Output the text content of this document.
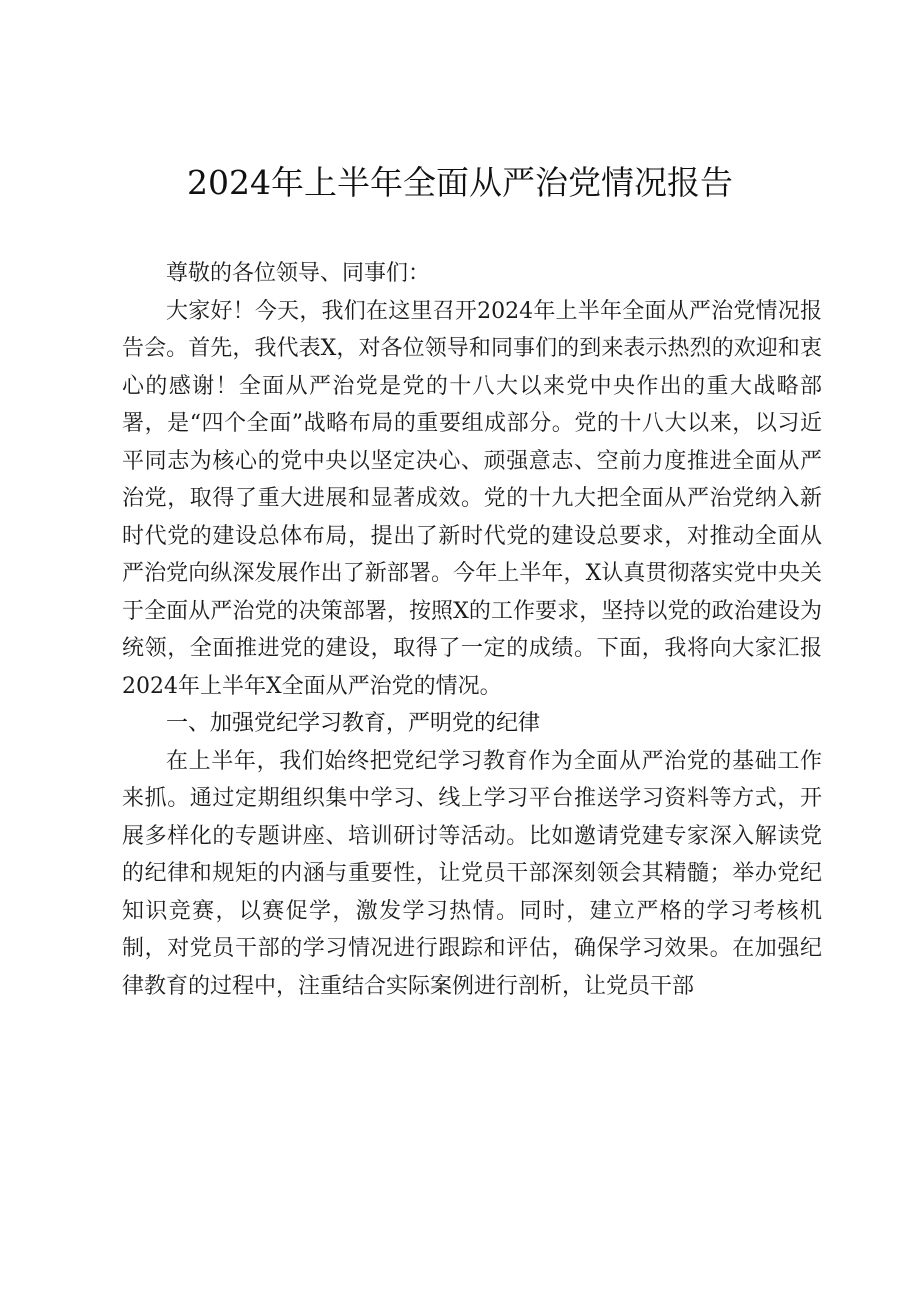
2024年上半年全面从严治党情况报告

尊敬的各位领导、同事们：

大家好！今天，我们在这里召开2024年上半年全面从严治党情况报告会。首先，我代表X，对各位领导和同事们的到来表示热烈的欢迎和衷心的感谢！全面从严治党是党的十八大以来党中央作出的重大战略部署，是“四个全面”战略布局的重要组成部分。党的十八大以来，以习近平同志为核心的党中央以坚定决心、顽强意志、空前力度推进全面从严治党，取得了重大进展和显著成效。党的十九大把全面从严治党纳入新时代党的建设总体布局，提出了新时代党的建设总要求，对推动全面从严治党向纵深发展作出了新部署。今年上半年，X认真贯彻落实党中央关于全面从严治党的决策部署，按照X的工作要求，坚持以党的政治建设为统领，全面推进党的建设，取得了一定的成绩。下面，我将向大家汇报2024年上半年X全面从严治党的情况。

一、加强党纪学习教育，严明党的纪律

在上半年，我们始终把党纪学习教育作为全面从严治党的基础工作来抓。通过定期组织集中学习、线上学习平台推送学习资料等方式，开展多样化的专题讲座、培训研讨等活动。比如邀请党建专家深入解读党的纪律和规矩的内涵与重要性，让党员干部深刻领会其精髓；举办党纪知识竞赛，以赛促学，激发学习热情。同时，建立严格的学习考核机制，对党员干部的学习情况进行跟踪和评估，确保学习效果。在加强纪律教育的过程中，注重结合实际案例进行剖析，让党员干部
